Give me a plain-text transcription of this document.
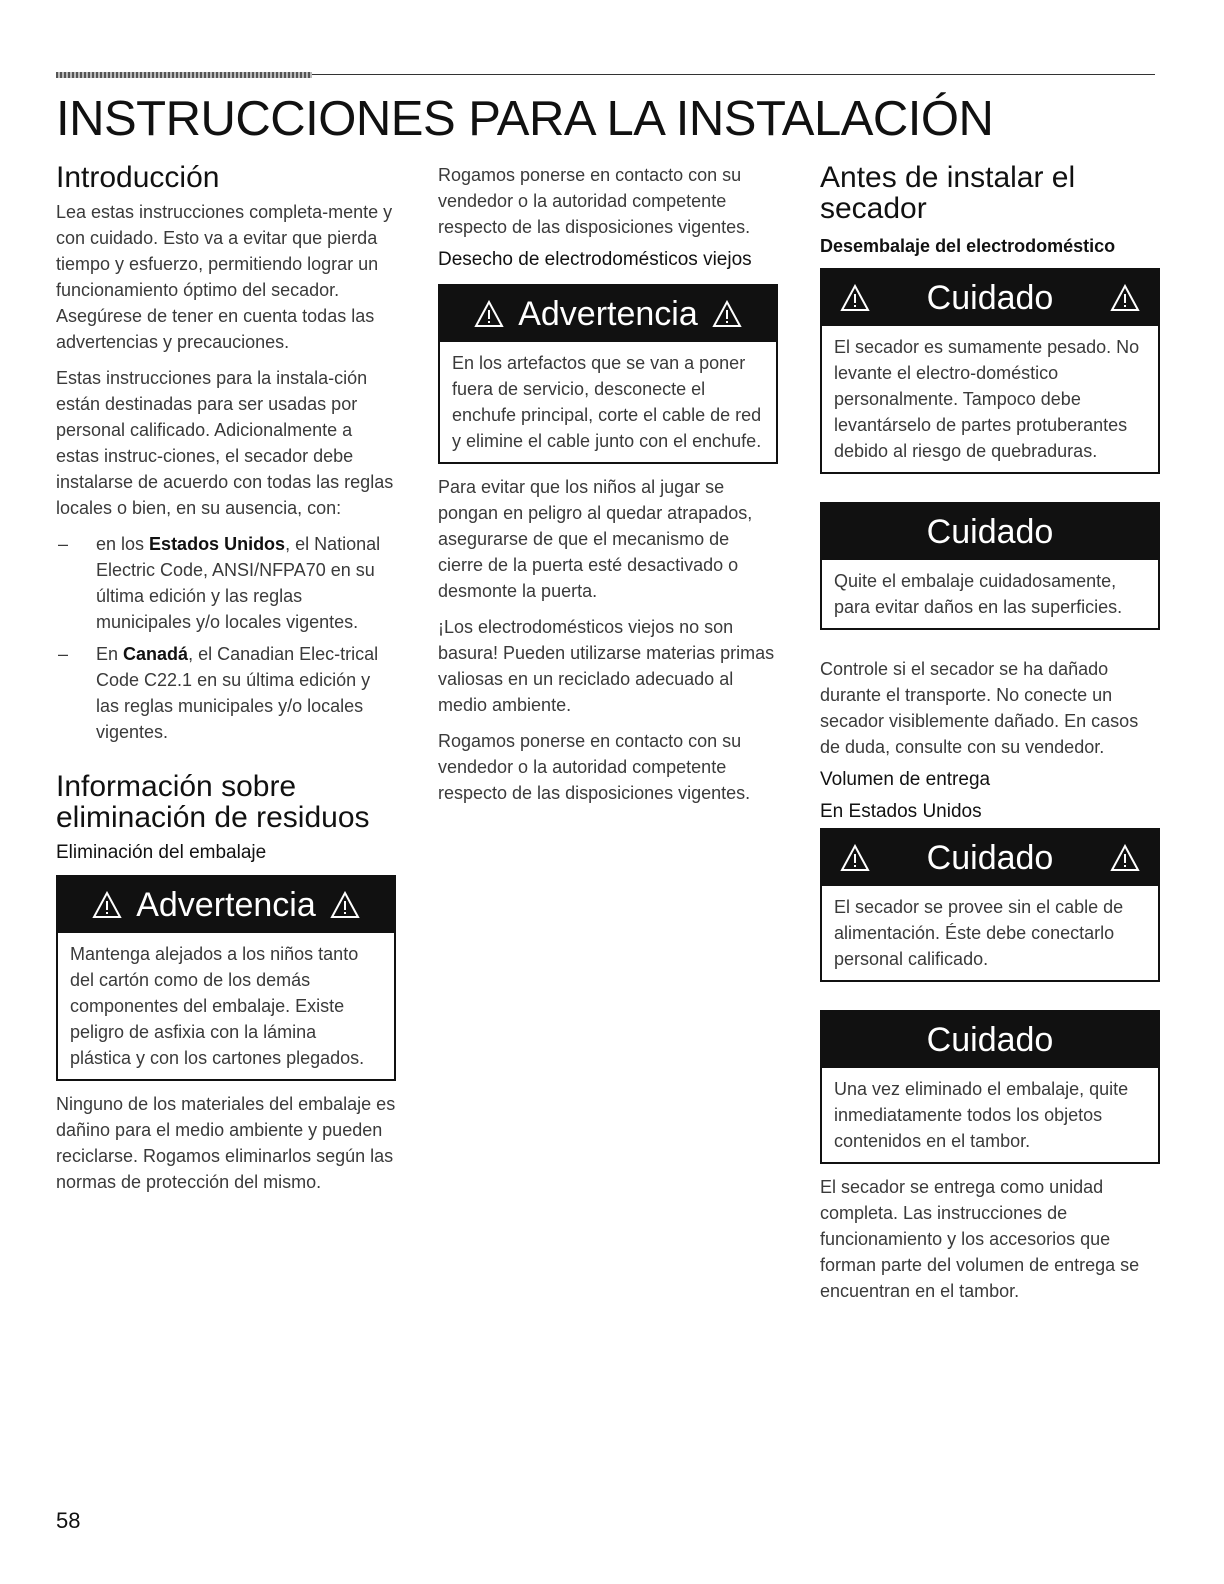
INSTRUCCIONES PARA LA INSTALACIÓN
Introducción

Lea estas instrucciones completa-mente y con cuidado. Esto va a evitar que pierda tiempo y esfuerzo, permitiendo lograr un funcionamiento óptimo del secador. Asegúrese de tener en cuenta todas las advertencias y precauciones.

Estas instrucciones para la instala-ción están destinadas para ser usadas por personal calificado. Adicionalmente a estas instruc-ciones, el secador debe instalarse de acuerdo con todas las reglas locales o bien, en su ausencia, con:

– en los Estados Unidos, el National Electric Code, ANSI/NFPA70 en su última edición y las reglas municipales y/o locales vigentes.
– En Canadá, el Canadian Elec-trical Code C22.1 en su última edición y las reglas municipales y/o locales vigentes.
Información sobre eliminación de residuos
Eliminación del embalaje
Advertencia

Mantenga alejados a los niños tanto del cartón como de los demás componentes del embalaje. Existe peligro de asfixia con la lámina plástica y con los cartones plegados.

Ninguno de los materiales del embalaje es dañino para el medio ambiente y pueden reciclarse. Rogamos eliminarlos según las normas de protección del mismo.

Rogamos ponerse en contacto con su vendedor o la autoridad competente respecto de las disposiciones vigentes.

Desecho de electrodomésticos viejos
Advertencia

En los artefactos que se van a poner fuera de servicio, desconecte el enchufe principal, corte el cable de red y elimine el cable junto con el enchufe.

Para evitar que los niños al jugar se pongan en peligro al quedar atrapados, asegurarse de que el mecanismo de cierre de la puerta esté desactivado o desmonte la puerta.

¡Los electrodomésticos viejos no son basura! Pueden utilizarse materias primas valiosas en un reciclado adecuado al medio ambiente.

Rogamos ponerse en contacto con su vendedor o la autoridad competente respecto de las disposiciones vigentes.

Antes de instalar el secador
Desembalaje del electrodoméstico
Cuidado

El secador es sumamente pesado. No levante el electro-doméstico personalmente. Tampoco debe levantárselo de partes protuberantes debido al riesgo de quebraduras.

Cuidado

Quite el embalaje cuidadosamente, para evitar daños en las superficies.

Controle si el secador se ha dañado durante el transporte. No conecte un secador visiblemente dañado. En casos de duda, consulte con su vendedor.

Volumen de entrega
En Estados Unidos
Cuidado

El secador se provee sin el cable de alimentación. Éste debe conectarlo personal calificado.

Cuidado

Una vez eliminado el embalaje, quite inmediatamente todos los objetos contenidos en el tambor.

El secador se entrega como unidad completa. Las instrucciones de funcionamiento y los accesorios que forman parte del volumen de entrega se encuentran en el tambor.

58
